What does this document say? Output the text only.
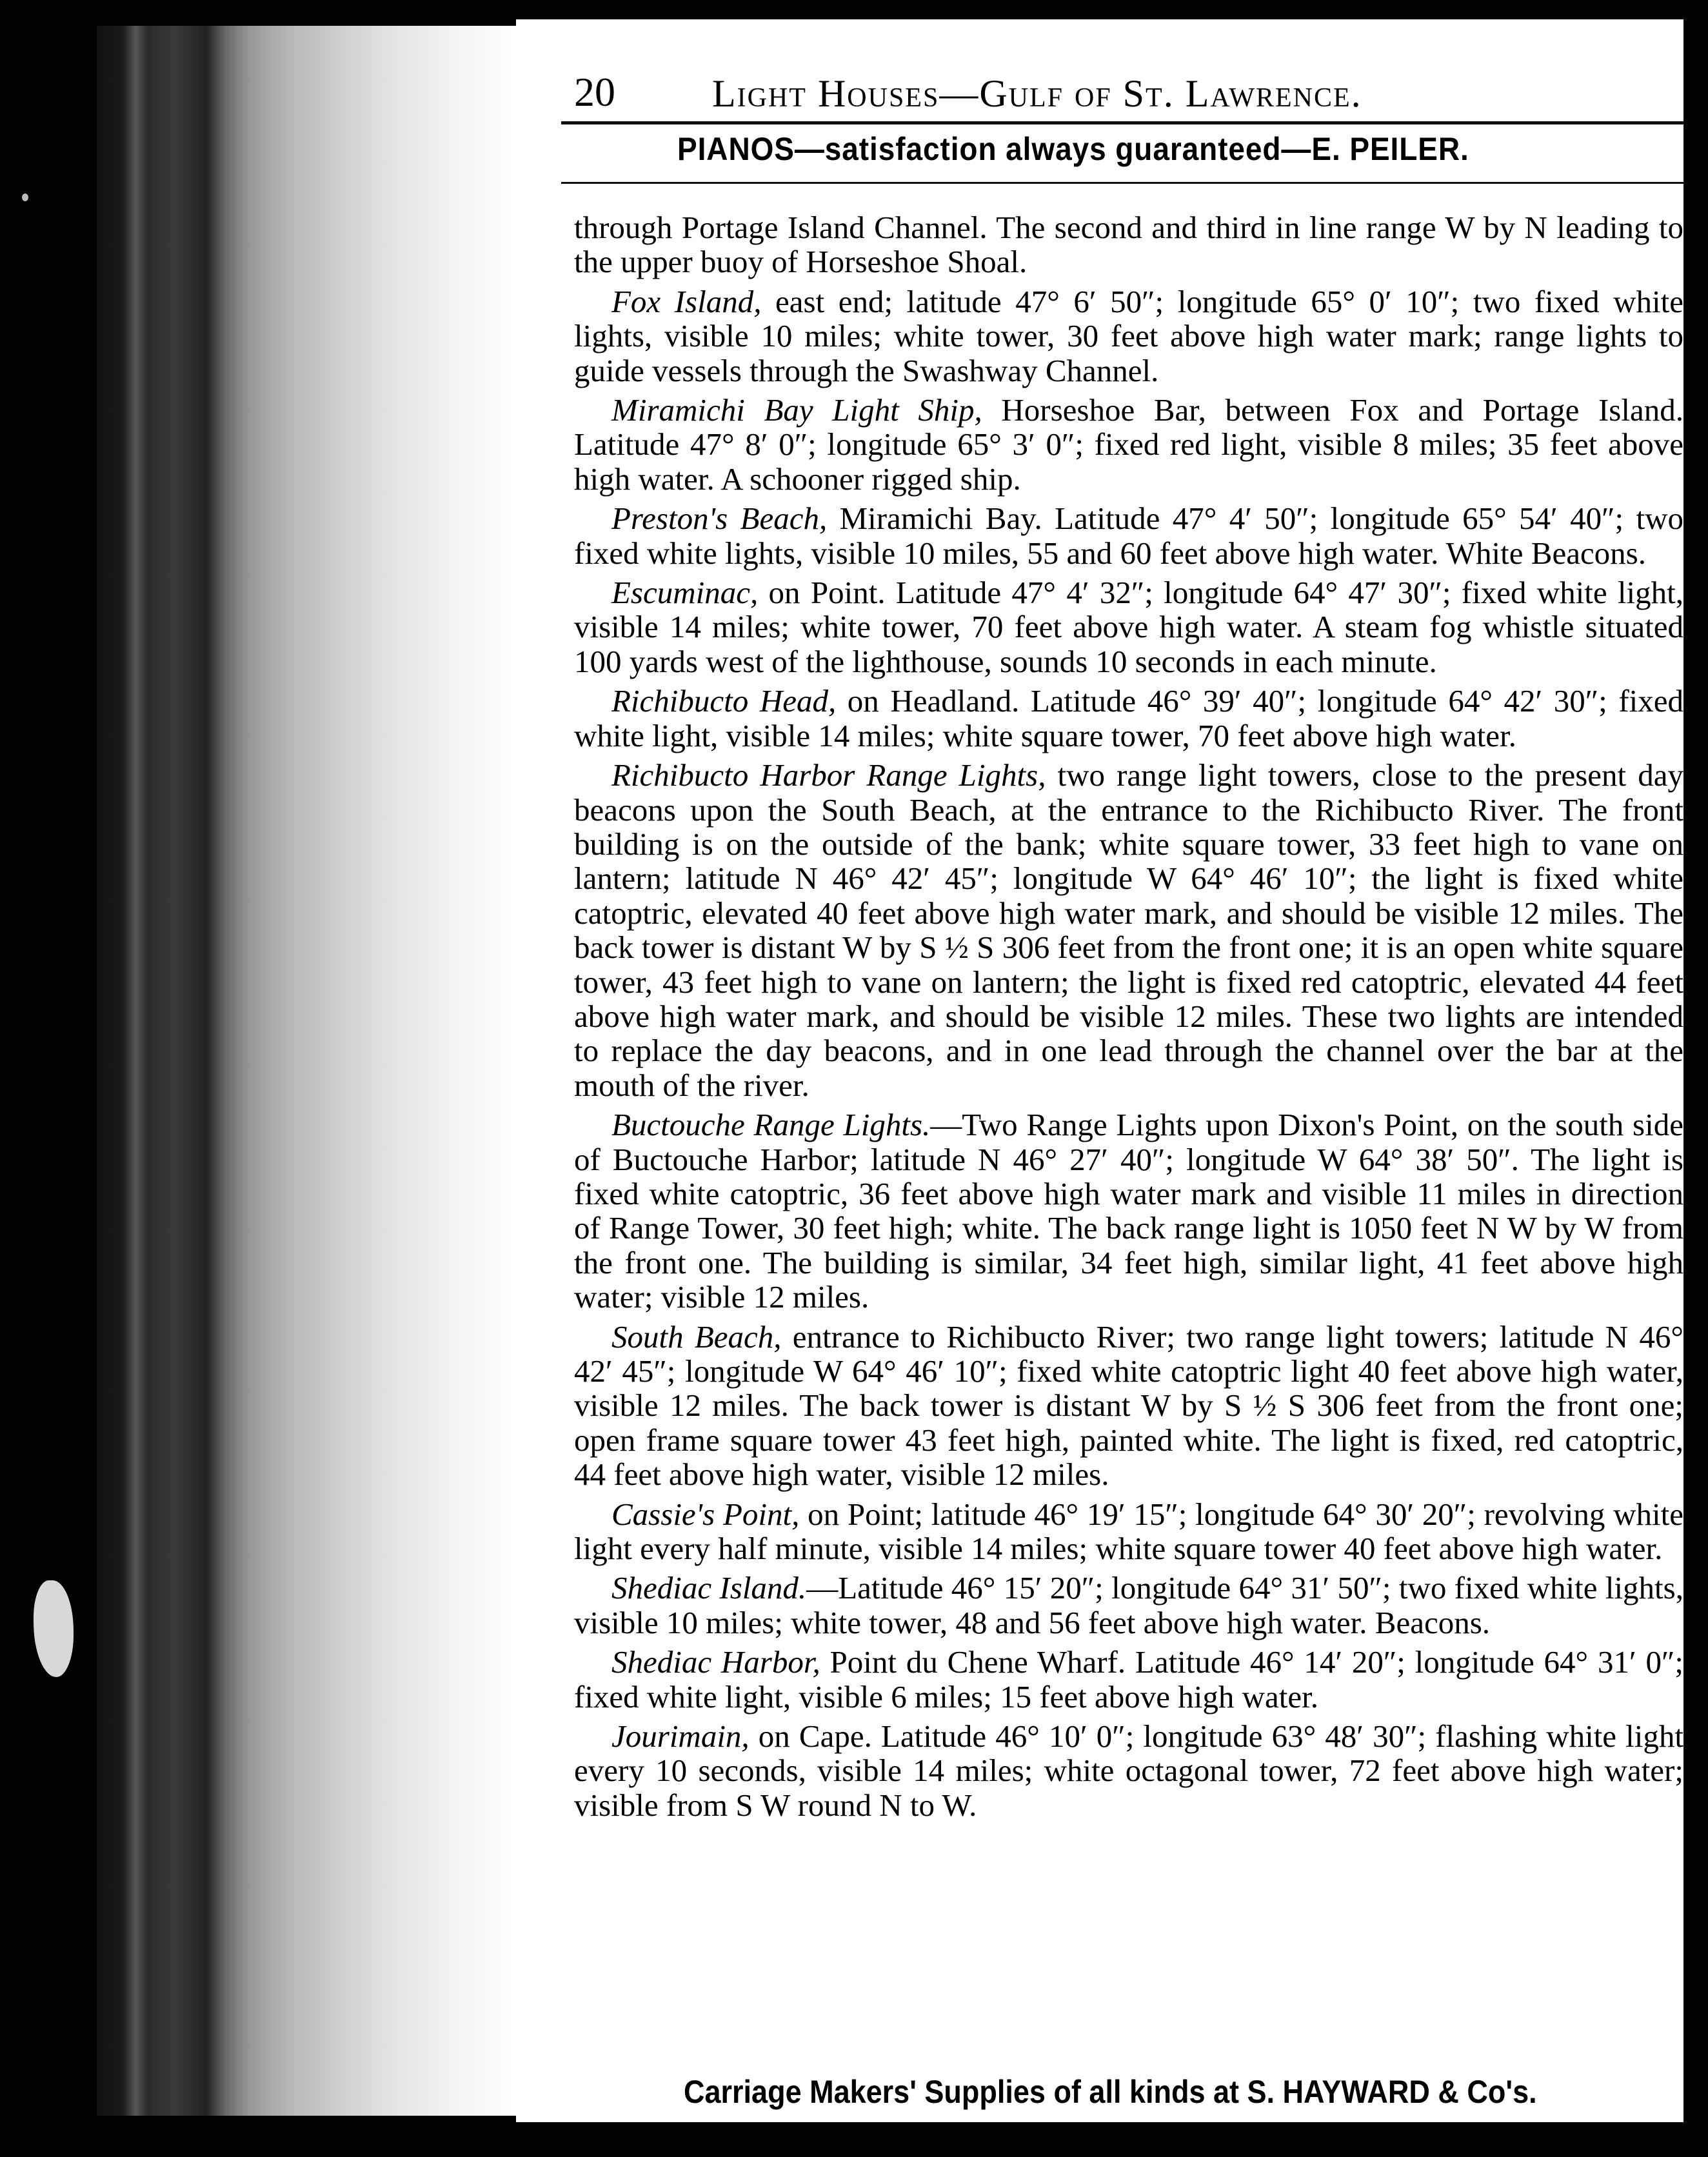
20	Light Houses—Gulf of St. Lawrence.
PIANOS—satisfaction always guaranteed—E. PEILER.

through Portage Island Channel. The second and third in line range W by N leading to the upper buoy of Horseshoe Shoal.

Fox Island, east end; latitude 47° 6′ 50″; longitude 65° 0′ 10″; two fixed white lights, visible 10 miles; white tower, 30 feet above high water mark; range lights to guide vessels through the Swashway Channel.

Miramichi Bay Light Ship, Horseshoe Bar, between Fox and Portage Island. Latitude 47° 8′ 0″; longitude 65° 3′ 0″; fixed red light, visible 8 miles; 35 feet above high water. A schooner rigged ship.

Preston's Beach, Miramichi Bay. Latitude 47° 4′ 50″; longitude 65° 54′ 40″; two fixed white lights, visible 10 miles, 55 and 60 feet above high water. White Beacons.

Escuminac, on Point. Latitude 47° 4′ 32″; longitude 64° 47′ 30″; fixed white light, visible 14 miles; white tower, 70 feet above high water. A steam fog whistle situated 100 yards west of the lighthouse, sounds 10 seconds in each minute.

Richibucto Head, on Headland. Latitude 46° 39′ 40″; longitude 64° 42′ 30″; fixed white light, visible 14 miles; white square tower, 70 feet above high water.

Richibucto Harbor Range Lights, two range light towers, close to the present day beacons upon the South Beach, at the entrance to the Richibucto River. The front building is on the outside of the bank; white square tower, 33 feet high to vane on lantern; latitude N 46° 42′ 45″; longitude W 64° 46′ 10″; the light is fixed white catoptric, elevated 40 feet above high water mark, and should be visible 12 miles. The back tower is distant W by S ½ S 306 feet from the front one; it is an open white square tower, 43 feet high to vane on lantern; the light is fixed red catoptric, elevated 44 feet above high water mark, and should be visible 12 miles. These two lights are intended to replace the day beacons, and in one lead through the channel over the bar at the mouth of the river.

Buctouche Range Lights.—Two Range Lights upon Dixon's Point, on the south side of Buctouche Harbor; latitude N 46° 27′ 40″; longitude W 64° 38′ 50″. The light is fixed white catoptric, 36 feet above high water mark and visible 11 miles in direction of Range Tower, 30 feet high; white. The back range light is 1050 feet N W by W from the front one. The building is similar, 34 feet high, similar light, 41 feet above high water; visible 12 miles.

South Beach, entrance to Richibucto River; two range light towers; latitude N 46° 42′ 45″; longitude W 64° 46′ 10″; fixed white catoptric light 40 feet above high water, visible 12 miles. The back tower is distant W by S ½ S 306 feet from the front one; open frame square tower 43 feet high, painted white. The light is fixed, red catoptric, 44 feet above high water, visible 12 miles.

Cassie's Point, on Point; latitude 46° 19′ 15″; longitude 64° 30′ 20″; revolving white light every half minute, visible 14 miles; white square tower 40 feet above high water.

Shediac Island.—Latitude 46° 15′ 20″; longitude 64° 31′ 50″; two fixed white lights, visible 10 miles; white tower, 48 and 56 feet above high water. Beacons.

Shediac Harbor, Point du Chene Wharf. Latitude 46° 14′ 20″; longitude 64° 31′ 0″; fixed white light, visible 6 miles; 15 feet above high water.

Jourimain, on Cape. Latitude 46° 10′ 0″; longitude 63° 48′ 30″; flashing white light every 10 seconds, visible 14 miles; white octagonal tower, 72 feet above high water; visible from S W round N to W.

Carriage Makers' Supplies of all kinds at S. HAYWARD & Co's.
